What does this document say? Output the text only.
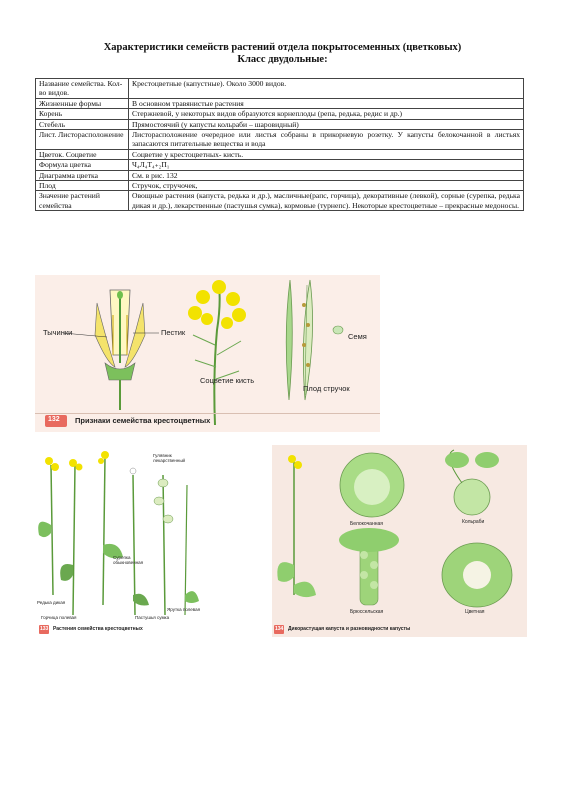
Характеристики семейств растений отдела покрытосеменных (цветковых)
Класс двудольные:
Название семейства. Кол-во видов.	Крестоцветные (капустные). Около 3000 видов.
Жизненные формы	В основном травянистые растения
Корень	Стержневой, у некоторых видов образуются корнеплоды (репа, редька, редис и др.)
Стебель	Прямостоячий (у капусты кольраби – шаровидный)
Лист. Листорасположение	Листорасположение очередное или листья собраны в прикорневую розетку. У капусты белокочанной в листьях запасаются питательные вещества и вода
Цветок. Соцветие	Соцветие у крестоцветных- кисть.
Формула цветка	Ч₄Л₄Т₄₊₂П₁
Диаграмма цветка	См. в рис. 132
Плод	Стручок, стручочек,
Значение растений семейства	Овощные растения (капуста, редька и др.), масличные(рапс, горчица), декоративные (левкой), сорные (сурепка, редька дикая и др.), лекарственные (пастушья сумка), кормовые (турнепс). Некоторые крестоцветные – прекрасные медоносы.
Тычинки	Пестик	Семя
Соцветие кисть
Плод стручок
132 Признаки семейства крестоцветных
Редька дикая
Горчица полевая
Сурепка обыкновенная
Гулявник лекарственный
Пастушья сумка
Ярутка полевая
133 Растения семейства крестоцветных
Белокочанная	Кольраби
Брюссельская	Цветная
134 Дикорастущая капуста и разновидности капусты
